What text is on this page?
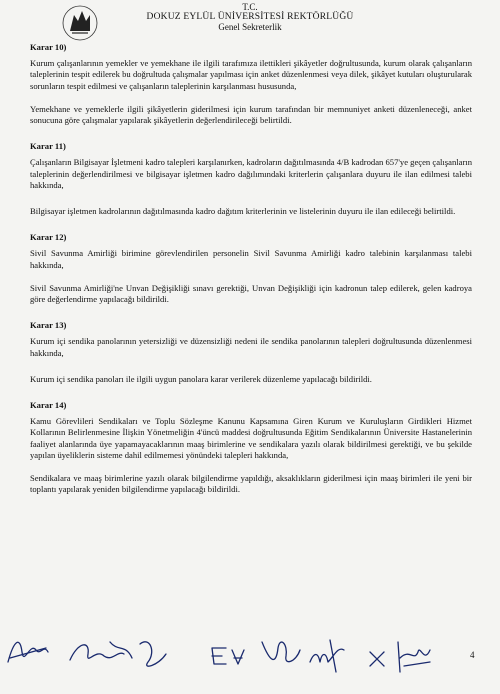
T.C.
DOKUZ EYLÜL ÜNİVERSİTESİ REKTÖRLÜĞÜ
Genel Sekreterlik

Karar 10)

Kurum çalışanlarının yemekler ve yemekhane ile ilgili tarafımıza ilettikleri şikâyetler doğrultusunda, kurum olarak çalışanların taleplerinin tespit edilerek bu doğrultuda çalışmalar yapılması için anket düzenlenmesi veya dilek, şikâyet kutuları oluşturularak sorunların tespit edilmesi ve çalışanların taleplerinin karşılanması hususunda,

Yemekhane ve yemeklerle ilgili şikâyetlerin giderilmesi için kurum tarafından bir memnuniyet anketi düzenleneceği, anket sonucuna göre çalışmalar yapılarak şikâyetlerin değerlendirileceği belirtildi.

Karar 11)

Çalışanların Bilgisayar İşletmeni kadro talepleri karşılanırken, kadroların dağıtılmasında 4/B kadrodan 657'ye geçen çalışanların taleplerinin değerlendirilmesi ve bilgisayar işletmen kadro dağılımındaki kriterlerin çalışanlara duyuru ile ilan edilmesi talebi hakkında,

Bilgisayar işletmen kadrolarının dağıtılmasında kadro dağıtım kriterlerinin ve listelerinin duyuru ile ilan edileceği belirtildi.

Karar 12)

Sivil Savunma Amirliği birimine görevlendirilen personelin Sivil Savunma Amirliği kadro talebinin karşılanması talebi hakkında,

Sivil Savunma Amirliği'ne Unvan Değişikliği sınavı gerektiği, Unvan Değişikliği için kadronun talep edilerek, gelen kadroya göre değerlendirme yapılacağı bildirildi.

Karar 13)

Kurum içi sendika panolarının yetersizliği ve düzensizliği nedeni ile sendika panolarının talepleri doğrultusunda düzenlenmesi hakkında,

Kurum içi sendika panoları ile ilgili uygun panolara karar verilerek düzenleme yapılacağı bildirildi.

Karar 14)

Kamu Görevlileri Sendikaları ve Toplu Sözleşme Kanunu Kapsamına Giren Kurum ve Kuruluşların Girdikleri Hizmet Kollarının Belirlenmesine İlişkin Yönetmeliğin 4'üncü maddesi doğrultusunda Eğitim Sendikalarının Üniversite Hastanelerinin faaliyet alanlarında üye yapamayacaklarının maaş birimlerine ve sendikalara yazılı olarak bildirilmesi gerektiği, ve bu şekilde yapılan üyeliklerin sisteme dahil edilmemesi yönündeki talepleri hakkında,

Sendikalara ve maaş birimlerine yazılı olarak bilgilendirme yapıldığı, aksaklıkların giderilmesi için maaş birimleri ile yeni bir toplantı yapılarak yeniden bilgilendirme yapılacağı bildirildi.

4
